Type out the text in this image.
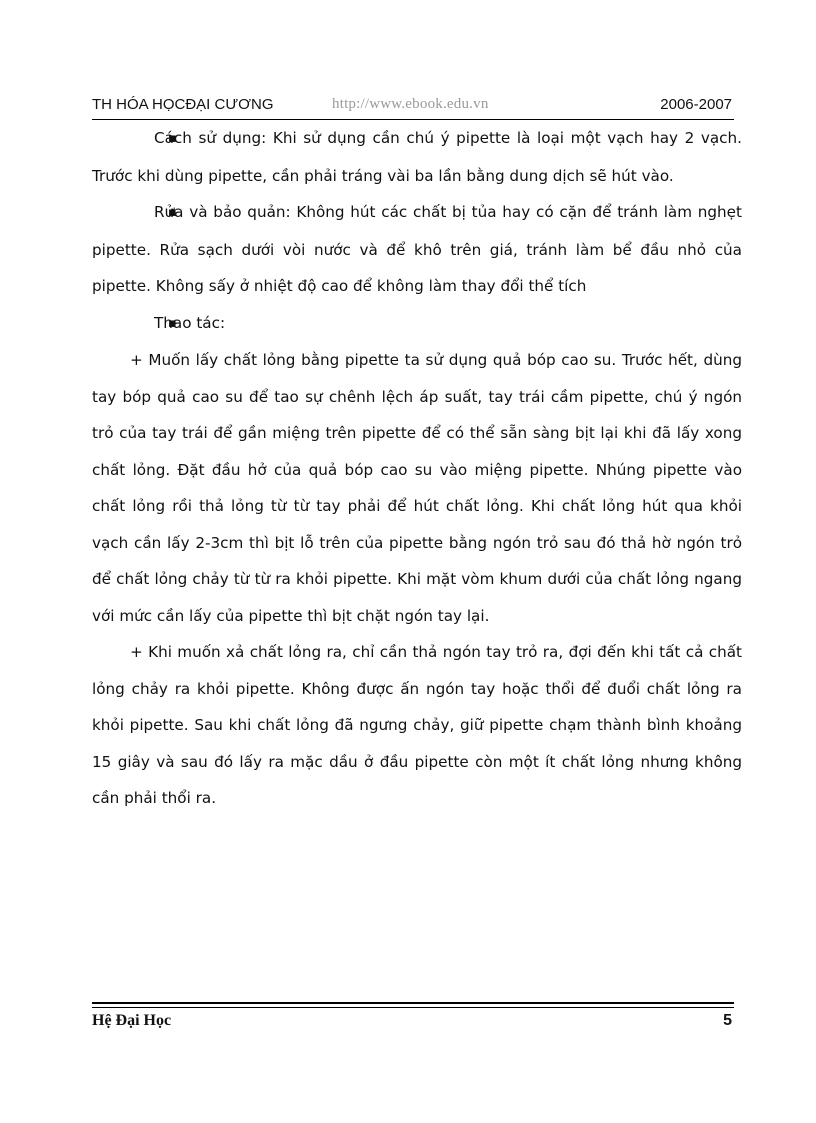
TH HÓA HỌCĐẠI CƯƠNG	http://www.ebook.edu.vn	2006-2007

▪ Cách sử dụng: Khi sử dụng cần chú ý pipette là loại một vạch hay 2 vạch. Trước khi dùng pipette, cần phải tráng vài ba lần bằng dung dịch sẽ hút vào.

▪ Rửa và bảo quản: Không hút các chất bị tủa hay có cặn để tránh làm nghẹt pipette. Rửa sạch dưới vòi nước và để khô trên giá, tránh làm bể đầu nhỏ của pipette. Không sấy ở nhiệt độ cao để không làm thay đổi thể tích

▪ Thao tác:

+ Muốn lấy chất lỏng bằng pipette ta sử dụng quả bóp cao su. Trước hết, dùng tay bóp quả cao su để tao sự chênh lệch áp suất, tay trái cầm pipette, chú ý ngón trỏ của tay trái để gần miệng trên pipette để có thể sẵn sàng bịt lại khi đã lấy xong chất lỏng. Đặt đầu hở của quả bóp cao su vào miệng pipette. Nhúng pipette vào chất lỏng rồi thả lỏng từ từ tay phải để hút chất lỏng. Khi chất lỏng hút qua khỏi vạch cần lấy 2-3cm thì bịt lỗ trên của pipette bằng ngón trỏ sau đó thả hờ ngón trỏ để chất lỏng chảy từ từ ra khỏi pipette. Khi mặt vòm khum dưới của chất lỏng ngang với mức cần lấy của pipette thì bịt chặt ngón tay lại.

+ Khi muốn xả chất lỏng ra, chỉ cần thả ngón tay trỏ ra, đợi đến khi tất cả chất lỏng chảy ra khỏi pipette. Không được ấn ngón tay hoặc thổi để đuổi chất lỏng ra khỏi pipette. Sau khi chất lỏng đã ngưng chảy, giữ pipette chạm thành bình khoảng 15 giây và sau đó lấy ra mặc dầu ở đầu pipette còn một ít chất lỏng nhưng không cần phải thổi ra.

Hệ Đại Học	5
